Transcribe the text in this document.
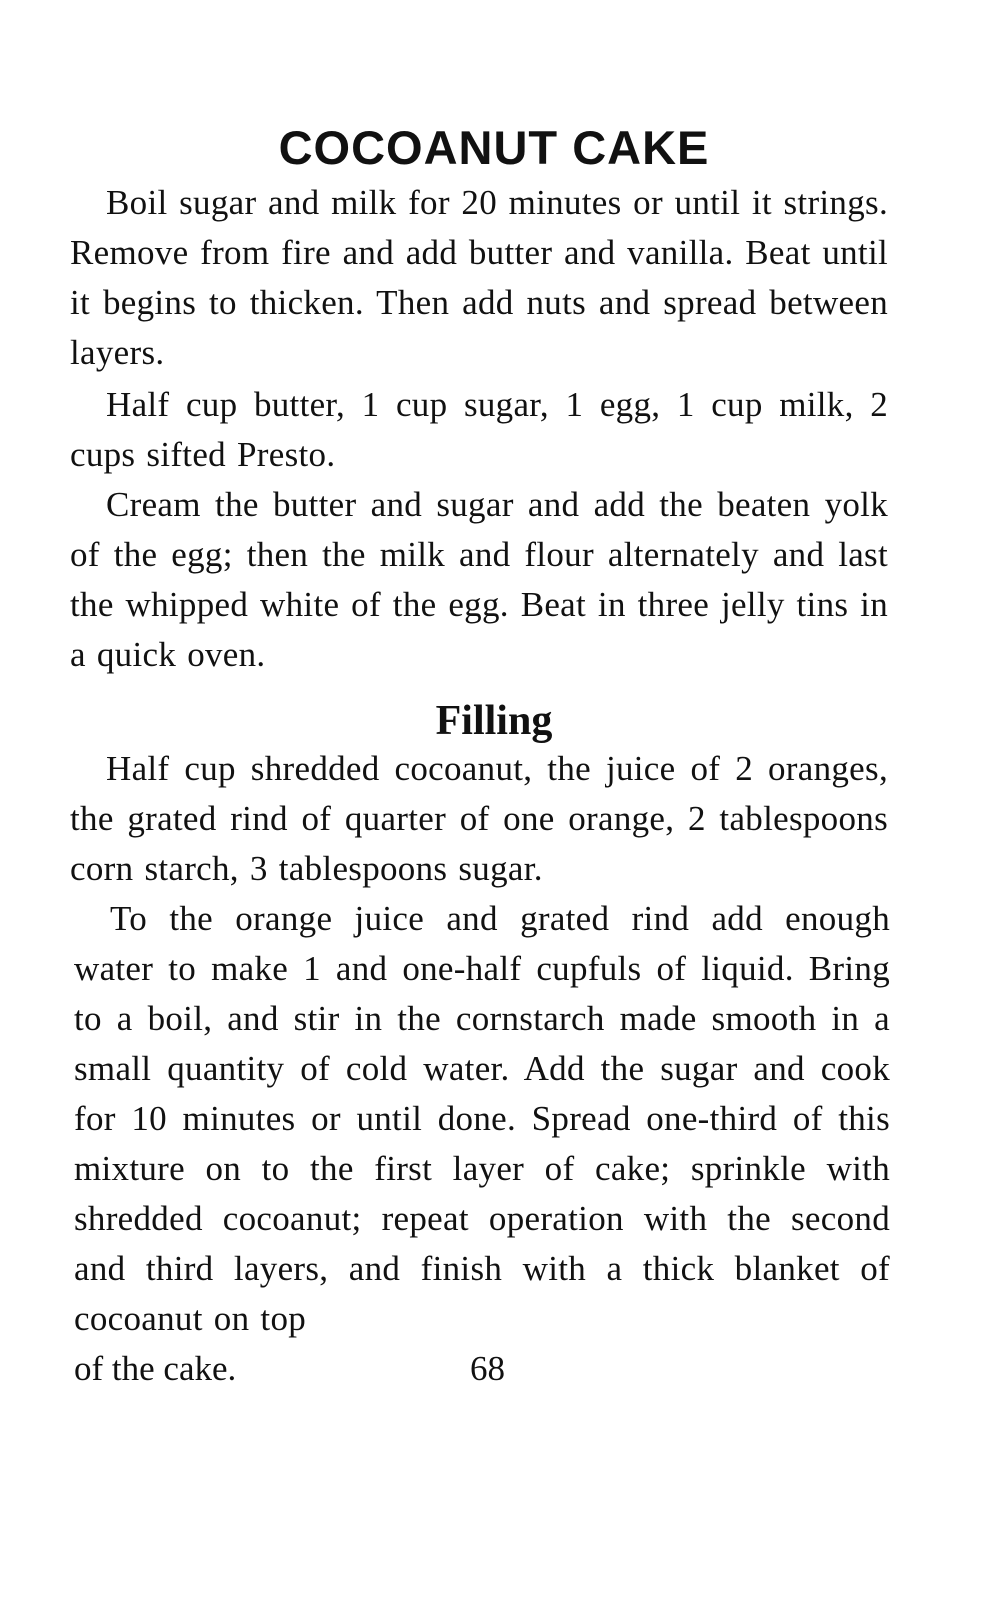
COCOANUT CAKE

Boil sugar and milk for 20 minutes or until it strings. Remove from fire and add butter and vanilla. Beat until it begins to thicken. Then add nuts and spread between layers.

Half cup butter, 1 cup sugar, 1 egg, 1 cup milk, 2 cups sifted Presto.

Cream the butter and sugar and add the beaten yolk of the egg; then the milk and flour alternately and last the whipped white of the egg. Beat in three jelly tins in a quick oven.

Filling

Half cup shredded cocoanut, the juice of 2 oranges, the grated rind of quarter of one orange, 2 tablespoons corn starch, 3 tablespoons sugar.

To the orange juice and grated rind add enough water to make 1 and one-half cupfuls of liquid. Bring to a boil, and stir in the cornstarch made smooth in a small quantity of cold water. Add the sugar and cook for 10 minutes or until done. Spread one-third of this mixture on to the first layer of cake; sprinkle with shredded cocoanut; repeat operation with the second and third layers, and finish with a thick blanket of cocoanut on top

of the cake.	68
